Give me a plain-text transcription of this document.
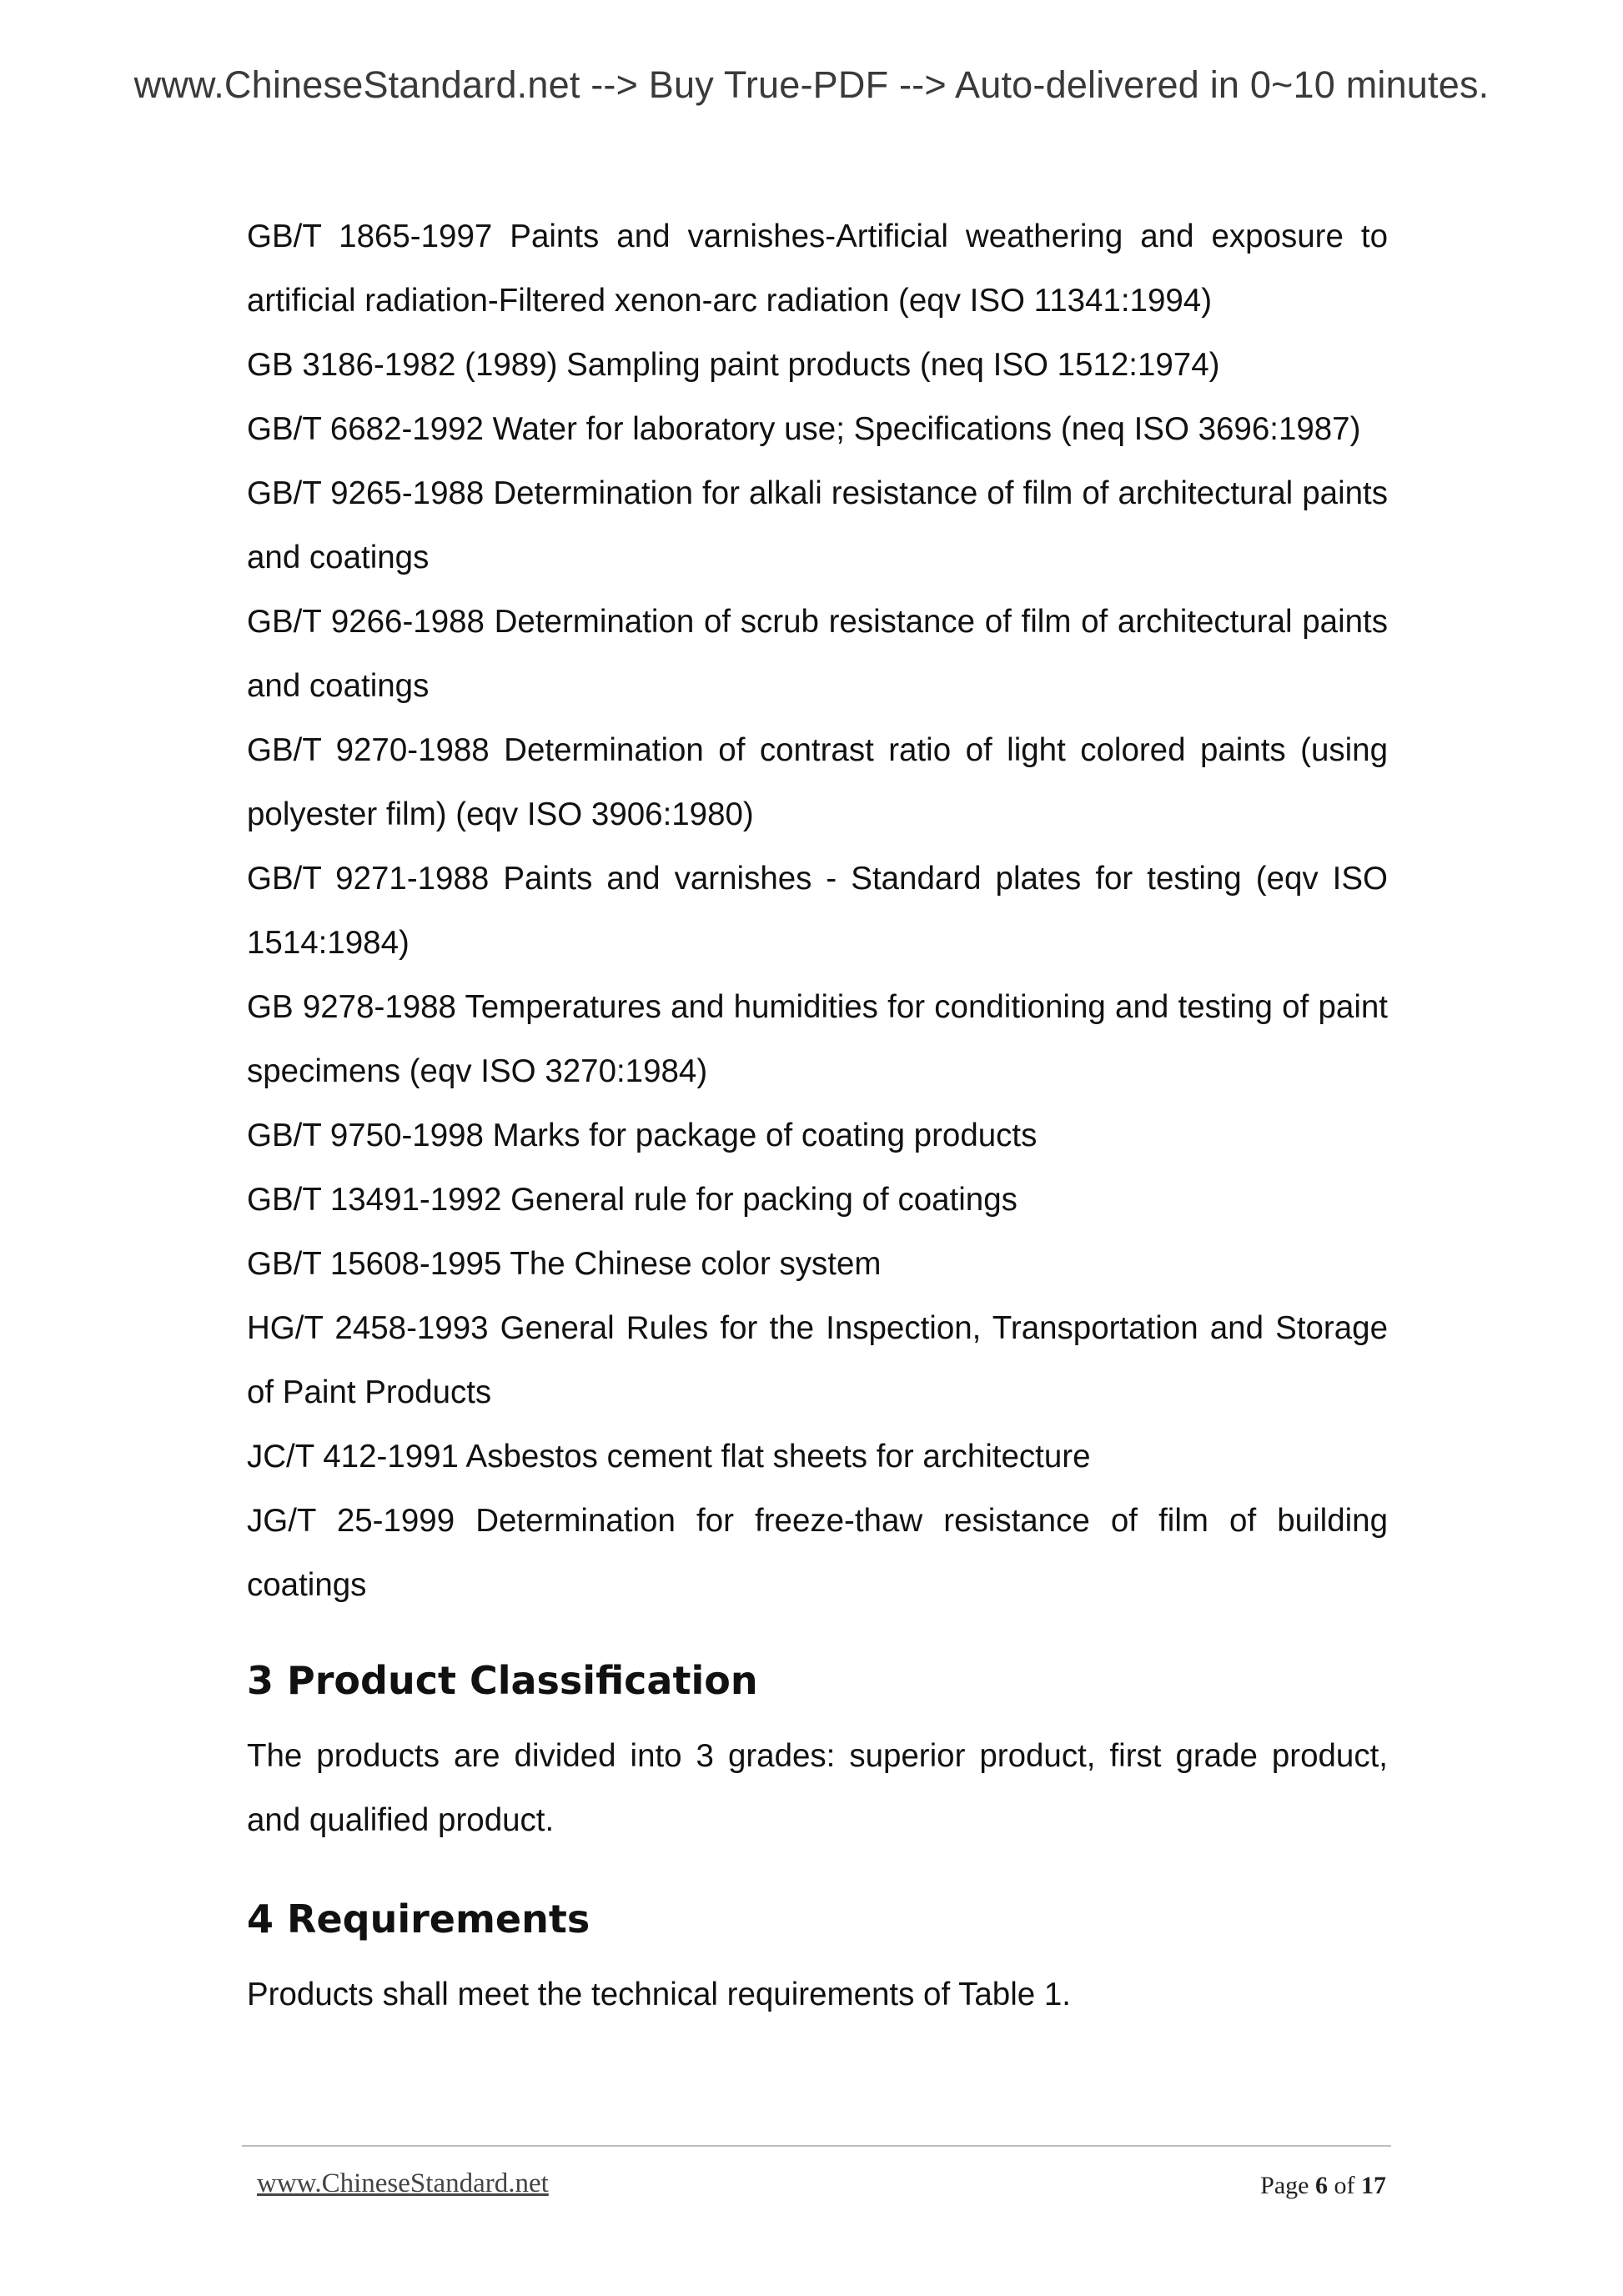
www.ChineseStandard.net --> Buy True-PDF --> Auto-delivered in 0~10 minutes.

GB/T 1865-1997 Paints and varnishes-Artificial weathering and exposure to artificial radiation-Filtered xenon-arc radiation (eqv ISO 11341:1994)

GB 3186-1982 (1989) Sampling paint products (neq ISO 1512:1974)

GB/T 6682-1992 Water for laboratory use; Specifications (neq ISO 3696:1987)

GB/T 9265-1988 Determination for alkali resistance of film of architectural paints and coatings

GB/T 9266-1988 Determination of scrub resistance of film of architectural paints and coatings

GB/T 9270-1988 Determination of contrast ratio of light colored paints (using polyester film) (eqv ISO 3906:1980)

GB/T 9271-1988 Paints and varnishes - Standard plates for testing (eqv ISO 1514:1984)

GB 9278-1988 Temperatures and humidities for conditioning and testing of paint specimens (eqv ISO 3270:1984)

GB/T 9750-1998 Marks for package of coating products

GB/T 13491-1992 General rule for packing of coatings

GB/T 15608-1995 The Chinese color system

HG/T 2458-1993 General Rules for the Inspection, Transportation and Storage of Paint Products

JC/T 412-1991 Asbestos cement flat sheets for architecture

JG/T 25-1999 Determination for freeze-thaw resistance of film of building coatings

3 Product Classification

The products are divided into 3 grades: superior product, first grade product, and qualified product.

4 Requirements

Products shall meet the technical requirements of Table 1.

www.ChineseStandard.net	Page 6 of 17
